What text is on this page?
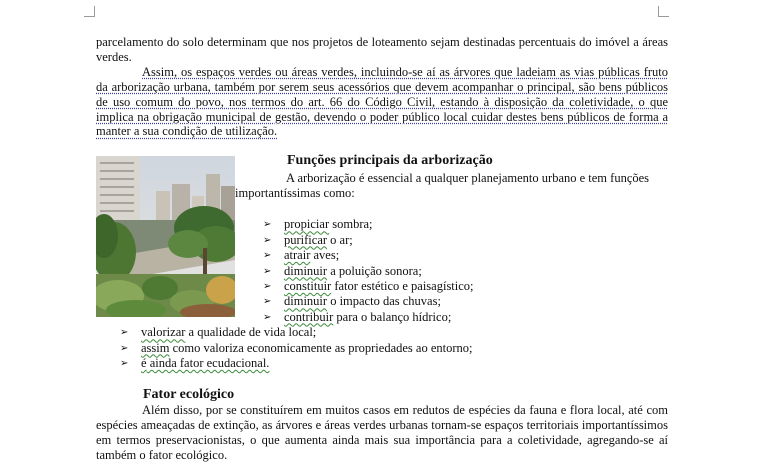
parcelamento do solo determinam que nos projetos de loteamento sejam destinadas percentuais do imóvel a áreas verdes.

Assim, os espaços verdes ou áreas verdes, incluindo-se aí as árvores que ladeiam as vias públicas fruto da arborização urbana, também por serem seus acessórios que devem acompanhar o principal, são bens públicos de uso comum do povo, nos termos do art. 66 do Código Civil, estando à disposição da coletividade, o que implica na obrigação municipal de gestão, devendo o poder público local cuidar destes bens públicos de forma a manter a sua condição de utilização.

Funções principais da arborização

A arborização é essencial a qualquer planejamento urbano e tem funções importantíssimas como:

➢ propiciar sombra;
➢ purificar o ar;
➢ atrair aves;
➢ diminuir a poluição sonora;
➢ constituir fator estético e paisagístico;
➢ diminuir o impacto das chuvas;
➢ contribuir para o balanço hídrico;
➢ valorizar a qualidade de vida local;
➢ assim como valoriza economicamente as propriedades ao entorno;
➢ é ainda fator ecudacional.

Fator ecológico

Além disso, por se constituírem em muitos casos em redutos de espécies da fauna e flora local, até com espécies ameaçadas de extinção, as árvores e áreas verdes urbanas tornam-se espaços territoriais importantíssimos em termos preservacionistas, o que aumenta ainda mais sua importância para a coletividade, agregando-se aí também o fator ecológico.
